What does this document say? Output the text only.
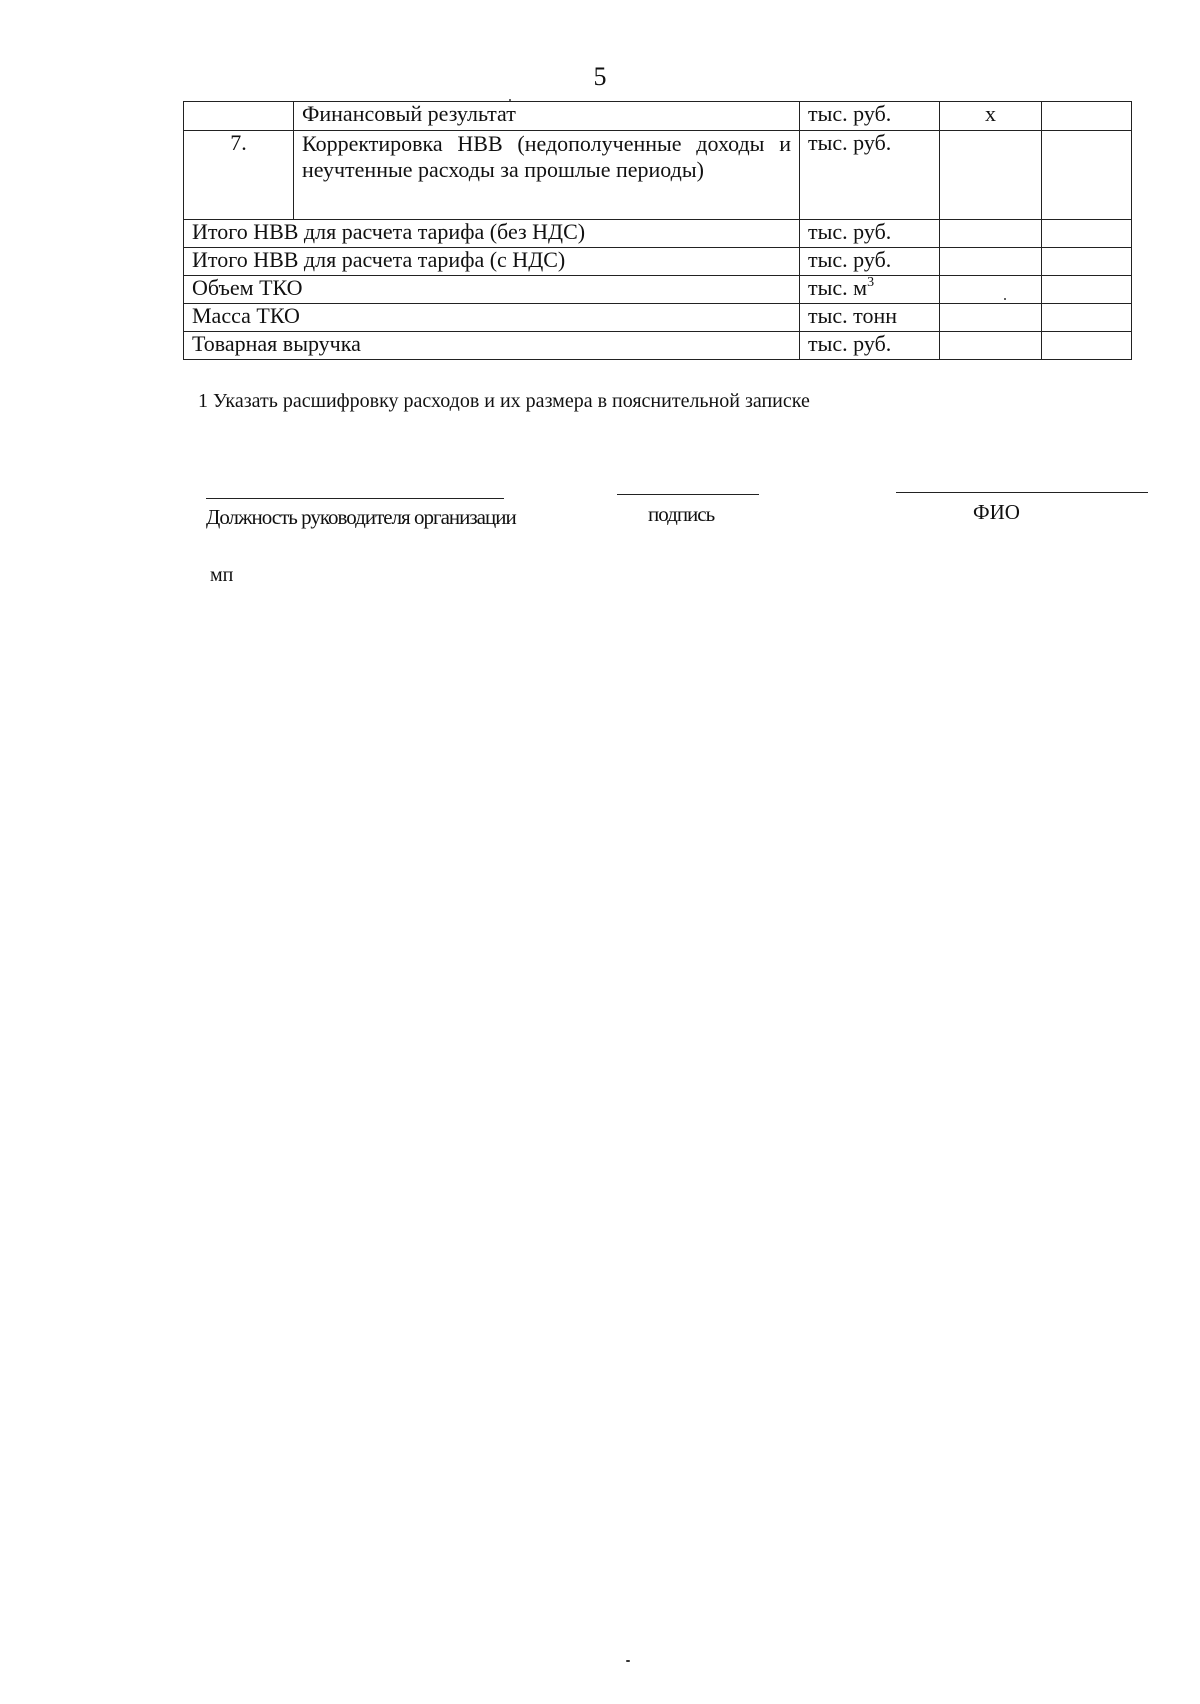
5
	Финансовый результат	тыс. руб.	х	
7.	Корректировка НВВ (недополученные доходы и неучтенные расходы за прошлые периоды)	тыс. руб.		
Итого НВВ для расчета тарифа (без НДС)		тыс. руб.		
Итого НВВ для расчета тарифа (с НДС)		тыс. руб.		
Объем ТКО		тыс. $м^3$		
Масса ТКО		тыс. тонн		
Товарная выручка		тыс. руб.		
1 Указать расшифровку расходов и их размера в пояснительной записке
Должность руководителя организации	подпись	ФИО
мп
